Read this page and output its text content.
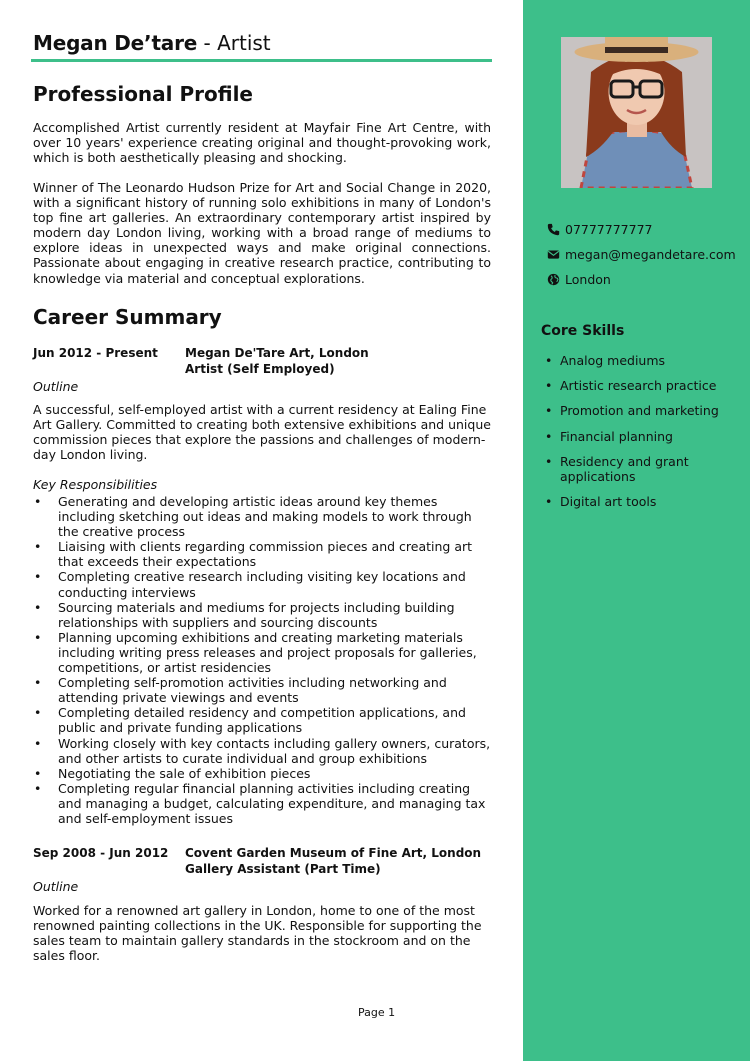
Megan De’tare - Artist
Professional Profile

Accomplished Artist currently resident at Mayfair Fine Art Centre, with over 10 years' experience creating original and thought-provoking work, which is both aesthetically pleasing and shocking.

Winner of The Leonardo Hudson Prize for Art and Social Change in 2020, with a significant history of running solo exhibitions in many of London's top fine art galleries. An extraordinary contemporary artist inspired by modern day London living, working with a broad range of mediums to explore ideas in unexpected ways and make original connections. Passionate about engaging in creative research practice, contributing to knowledge via material and conceptual explorations.

Career Summary
Jun 2012 - Present Megan De'Tare Art, London
Artist (Self Employed)
Outline

A successful, self-employed artist with a current residency at Ealing Fine Art Gallery. Committed to creating both extensive exhibitions and unique commission pieces that explore the passions and challenges of modern-day London living.

Key Responsibilities
• Generating and developing artistic ideas around key themes including sketching out ideas and making models to work through the creative process
• Liaising with clients regarding commission pieces and creating art that exceeds their expectations
• Completing creative research including visiting key locations and conducting interviews
• Sourcing materials and mediums for projects including building relationships with suppliers and sourcing discounts
• Planning upcoming exhibitions and creating marketing materials including writing press releases and project proposals for galleries, competitions, or artist residencies
• Completing self-promotion activities including networking and attending private viewings and events
• Completing detailed residency and competition applications, and public and private funding applications
• Working closely with key contacts including gallery owners, curators, and other artists to curate individual and group exhibitions
• Negotiating the sale of exhibition pieces
• Completing regular financial planning activities including creating and managing a budget, calculating expenditure, and managing tax and self-employment issues
Sep 2008 - Jun 2012 Covent Garden Museum of Fine Art, London
Gallery Assistant (Part Time)
Outline

Worked for a renowned art gallery in London, home to one of the most renowned painting collections in the UK. Responsible for supporting the sales team to maintain gallery standards in the stockroom and on the sales floor.

Page 1
07777777777
megan@megandetare.com
London
Core Skills
• Analog mediums
• Artistic research practice
• Promotion and marketing
• Financial planning
• Residency and grant applications
• Digital art tools
